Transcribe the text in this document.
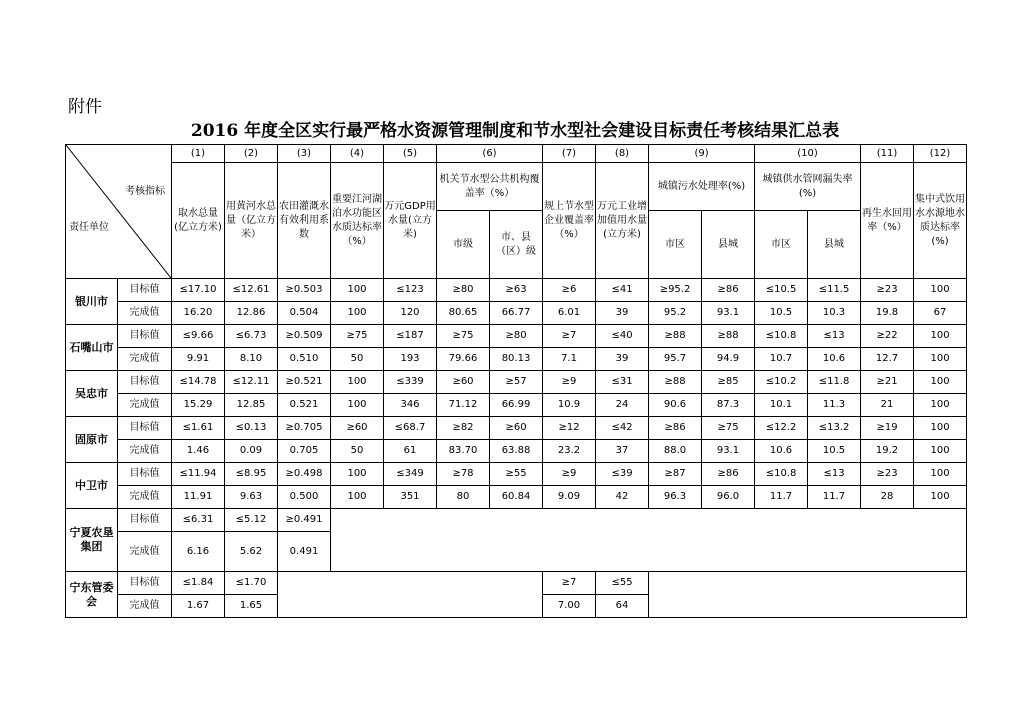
附件
2016 年度全区实行最严格水资源管理制度和节水型社会建设目标责任考核结果汇总表
考核指标
责任单位		(1)	(2)	(3)	(4)	(5)	(6)		(7)	(8)	(9)		(10)		(11)	(12)
		取水总量(亿立方米)	用黄河水总量（亿立方米）	农田灌溉水有效利用系数	重要江河湖泊水功能区水质达标率（%）	万元GDP用水量(立方米)	机关节水型公共机构覆盖率（%）		规上节水型企业覆盖率（%）	万元工业增加值用水量(立方米)	城镇污水处理率(%)		城镇供水管网漏失率(%)		再生水回用率（%）	集中式饮用水水源地水质达标率(%)
							市级	市、县（区）级			市区	县城	市区	县城		
银川市	目标值	≤17.10	≤12.61	≥0.503	100	≤123	≥80	≥63	≥6	≤41	≥95.2	≥86	≤10.5	≤11.5	≥23	100
	完成值	16.20	12.86	0.504	100	120	80.65	66.77	6.01	39	95.2	93.1	10.5	10.3	19.8	67
石嘴山市	目标值	≤9.66	≤6.73	≥0.509	≥75	≤187	≥75	≥80	≥7	≤40	≥88	≥88	≤10.8	≤13	≥22	100
	完成值	9.91	8.10	0.510	50	193	79.66	80.13	7.1	39	95.7	94.9	10.7	10.6	12.7	100
吴忠市	目标值	≤14.78	≤12.11	≥0.521	100	≤339	≥60	≥57	≥9	≤31	≥88	≥85	≤10.2	≤11.8	≥21	100
	完成值	15.29	12.85	0.521	100	346	71.12	66.99	10.9	24	90.6	87.3	10.1	11.3	21	100
固原市	目标值	≤1.61	≤0.13	≥0.705	≥60	≤68.7	≥82	≥60	≥12	≤42	≥86	≥75	≤12.2	≤13.2	≥19	100
	完成值	1.46	0.09	0.705	50	61	83.70	63.88	23.2	37	88.0	93.1	10.6	10.5	19.2	100
中卫市	目标值	≤11.94	≤8.95	≥0.498	100	≤349	≥78	≥55	≥9	≤39	≥87	≥86	≤10.8	≤13	≥23	100
	完成值	11.91	9.63	0.500	100	351	80	60.84	9.09	42	96.3	96.0	11.7	11.7	28	100
宁夏农垦集团	目标值	≤6.31	≤5.12	≥0.491												
	完成值	6.16	5.62	0.491												
宁东管委会	目标值	≤1.84	≤1.70						≥7	≤55						
	完成值	1.67	1.65						7.00	64						
